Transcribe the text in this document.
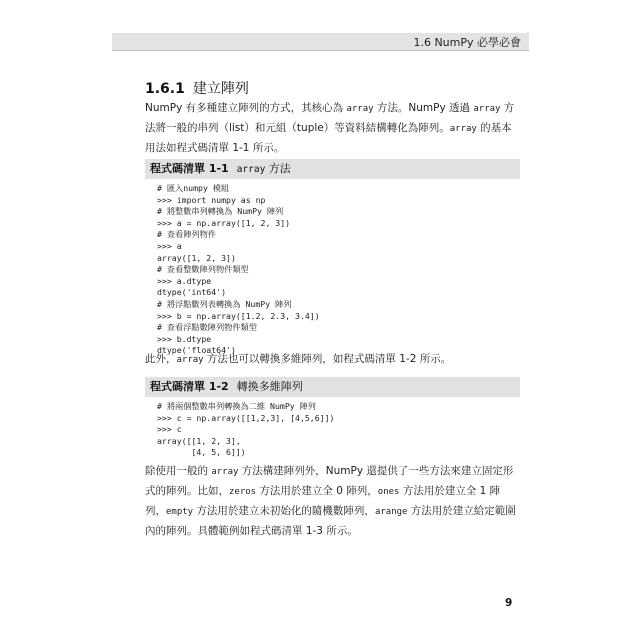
1.6 NumPy 必學必會
1.6.1 建立陣列

NumPy 有多種建立陣列的方式，其核心為 array 方法。NumPy 透過 array 方法將一般的串列（list）和元組（tuple）等資料結構轉化為陣列。array 的基本用法如程式碼清單 1-1 所示。

程式碼清單 1-1 array 方法
# 匯入numpy 模組
>>> import numpy as np
# 將整數串列轉換為 NumPy 陣列
>>> a = np.array([1, 2, 3])
# 查看陣列物件
>>> a
array([1, 2, 3])
# 查看整數陣列物件類型
>>> a.dtype
dtype('int64')
# 將浮點數列表轉換為 NumPy 陣列
>>> b = np.array([1.2, 2.3, 3.4])
# 查看浮點數陣列物件類型
>>> b.dtype
dtype('float64')

此外，array 方法也可以轉換多維陣列，如程式碼清單 1-2 所示。

程式碼清單 1-2 轉換多維陣列
# 將兩個整數串列轉換為二維 NumPy 陣列
>>> c = np.array([[1,2,3], [4,5,6]])
>>> c
array([[1, 2, 3],
[4, 5, 6]])

除使用一般的 array 方法構建陣列外，NumPy 還提供了一些方法來建立固定形式的陣列。比如，zeros 方法用於建立全 0 陣列，ones 方法用於建立全 1 陣列，empty 方法用於建立未初始化的隨機數陣列，arange 方法用於建立給定範圍內的陣列。具體範例如程式碼清單 1-3 所示。

9
